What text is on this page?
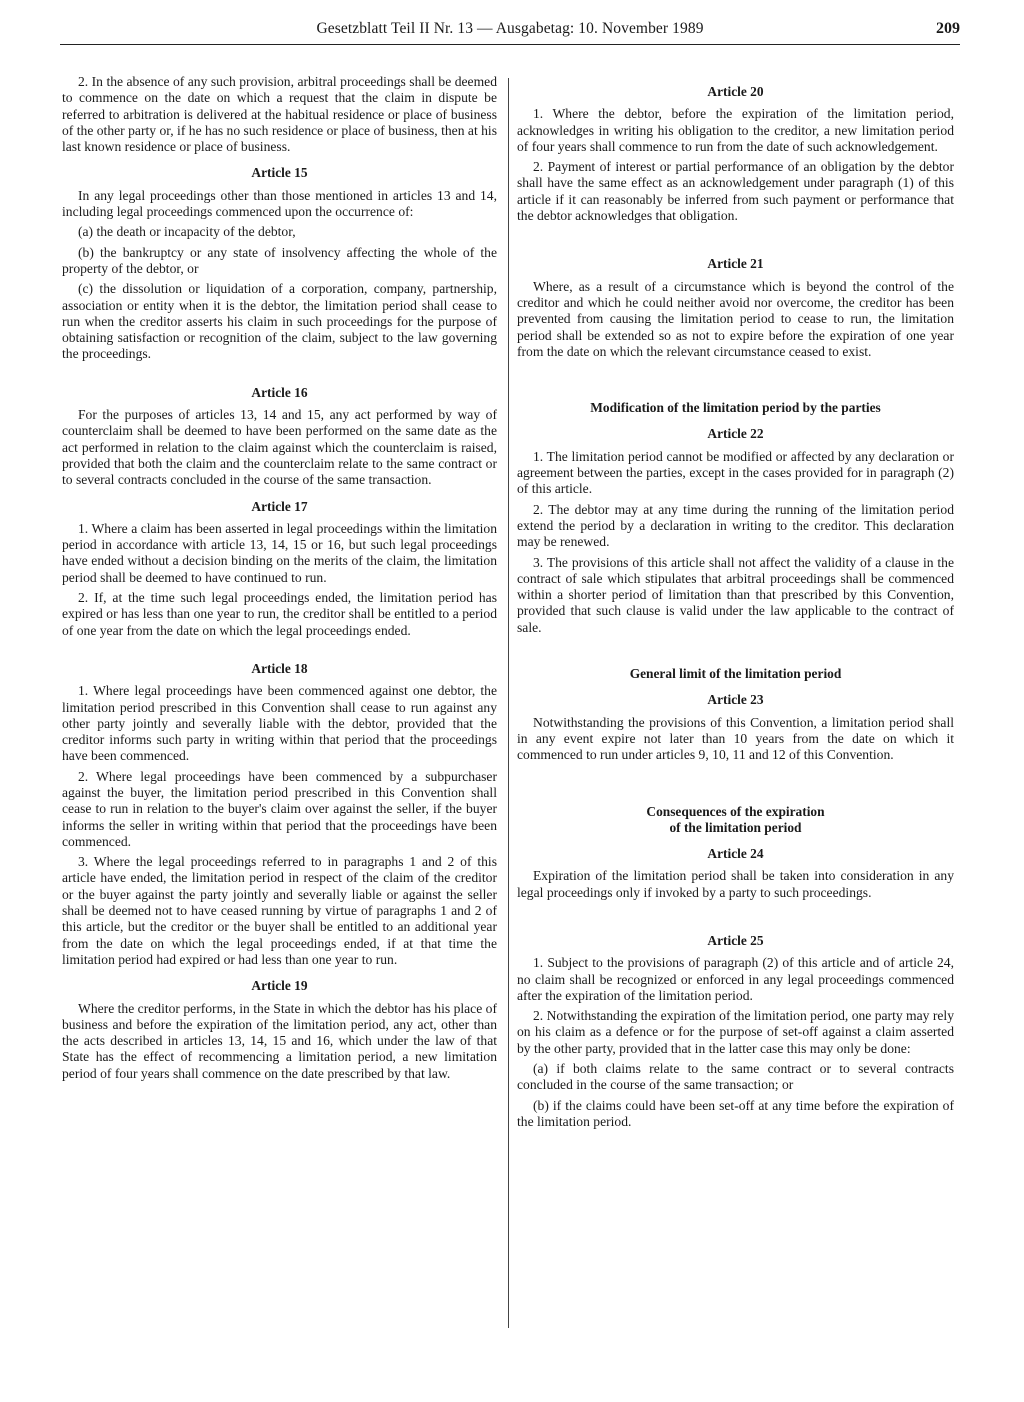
Gesetzblatt Teil II Nr. 13 — Ausgabetag: 10. November 1989	209

2. In the absence of any such provision, arbitral proceedings shall be deemed to commence on the date on which a request that the claim in dispute be referred to arbitration is delivered at the habitual residence or place of business of the other party or, if he has no such residence or place of business, then at his last known residence or place of business.

Article 15

In any legal proceedings other than those mentioned in articles 13 and 14, including legal proceedings commenced upon the occurrence of:

(a) the death or incapacity of the debtor,

(b) the bankruptcy or any state of insolvency affecting the whole of the property of the debtor, or

(c) the dissolution or liquidation of a corporation, company, partnership, association or entity when it is the debtor, the limitation period shall cease to run when the creditor asserts his claim in such proceedings for the purpose of obtaining satisfaction or recognition of the claim, subject to the law governing the proceedings.

Article 16

For the purposes of articles 13, 14 and 15, any act performed by way of counterclaim shall be deemed to have been performed on the same date as the act performed in relation to the claim against which the counterclaim is raised, provided that both the claim and the counterclaim relate to the same contract or to several contracts concluded in the course of the same transaction.

Article 17

1. Where a claim has been asserted in legal proceedings within the limitation period in accordance with article 13, 14, 15 or 16, but such legal proceedings have ended without a decision binding on the merits of the claim, the limitation period shall be deemed to have continued to run.

2. If, at the time such legal proceedings ended, the limitation period has expired or has less than one year to run, the creditor shall be entitled to a period of one year from the date on which the legal proceedings ended.

Article 18

1. Where legal proceedings have been commenced against one debtor, the limitation period prescribed in this Convention shall cease to run against any other party jointly and severally liable with the debtor, provided that the creditor informs such party in writing within that period that the proceedings have been commenced.

2. Where legal proceedings have been commenced by a subpurchaser against the buyer, the limitation period prescribed in this Convention shall cease to run in relation to the buyer's claim over against the seller, if the buyer informs the seller in writing within that period that the proceedings have been commenced.

3. Where the legal proceedings referred to in paragraphs 1 and 2 of this article have ended, the limitation period in respect of the claim of the creditor or the buyer against the party jointly and severally liable or against the seller shall be deemed not to have ceased running by virtue of paragraphs 1 and 2 of this article, but the creditor or the buyer shall be entitled to an additional year from the date on which the legal proceedings ended, if at that time the limitation period had expired or had less than one year to run.

Article 19

Where the creditor performs, in the State in which the debtor has his place of business and before the expiration of the limitation period, any act, other than the acts described in articles 13, 14, 15 and 16, which under the law of that State has the effect of recommencing a limitation period, a new limitation period of four years shall commence on the date prescribed by that law.

Article 20

1. Where the debtor, before the expiration of the limitation period, acknowledges in writing his obligation to the creditor, a new limitation period of four years shall commence to run from the date of such acknowledgement.

2. Payment of interest or partial performance of an obligation by the debtor shall have the same effect as an acknowledgement under paragraph (1) of this article if it can reasonably be inferred from such payment or performance that the debtor acknowledges that obligation.

Article 21

Where, as a result of a circumstance which is beyond the control of the creditor and which he could neither avoid nor overcome, the creditor has been prevented from causing the limitation period to cease to run, the limitation period shall be extended so as not to expire before the expiration of one year from the date on which the relevant circumstance ceased to exist.

Modification of the limitation period by the parties
Article 22

1. The limitation period cannot be modified or affected by any declaration or agreement between the parties, except in the cases provided for in paragraph (2) of this article.

2. The debtor may at any time during the running of the limitation period extend the period by a declaration in writing to the creditor. This declaration may be renewed.

3. The provisions of this article shall not affect the validity of a clause in the contract of sale which stipulates that arbitral proceedings shall be commenced within a shorter period of limitation than that prescribed by this Convention, provided that such clause is valid under the law applicable to the contract of sale.

General limit of the limitation period
Article 23

Notwithstanding the provisions of this Convention, a limitation period shall in any event expire not later than 10 years from the date on which it commenced to run under articles 9, 10, 11 and 12 of this Convention.

Consequences of the expiration
of the limitation period
Article 24

Expiration of the limitation period shall be taken into consideration in any legal proceedings only if invoked by a party to such proceedings.

Article 25

1. Subject to the provisions of paragraph (2) of this article and of article 24, no claim shall be recognized or enforced in any legal proceedings commenced after the expiration of the limitation period.

2. Notwithstanding the expiration of the limitation period, one party may rely on his claim as a defence or for the purpose of set-off against a claim asserted by the other party, provided that in the latter case this may only be done:

(a) if both claims relate to the same contract or to several contracts concluded in the course of the same transaction; or

(b) if the claims could have been set-off at any time before the expiration of the limitation period.
